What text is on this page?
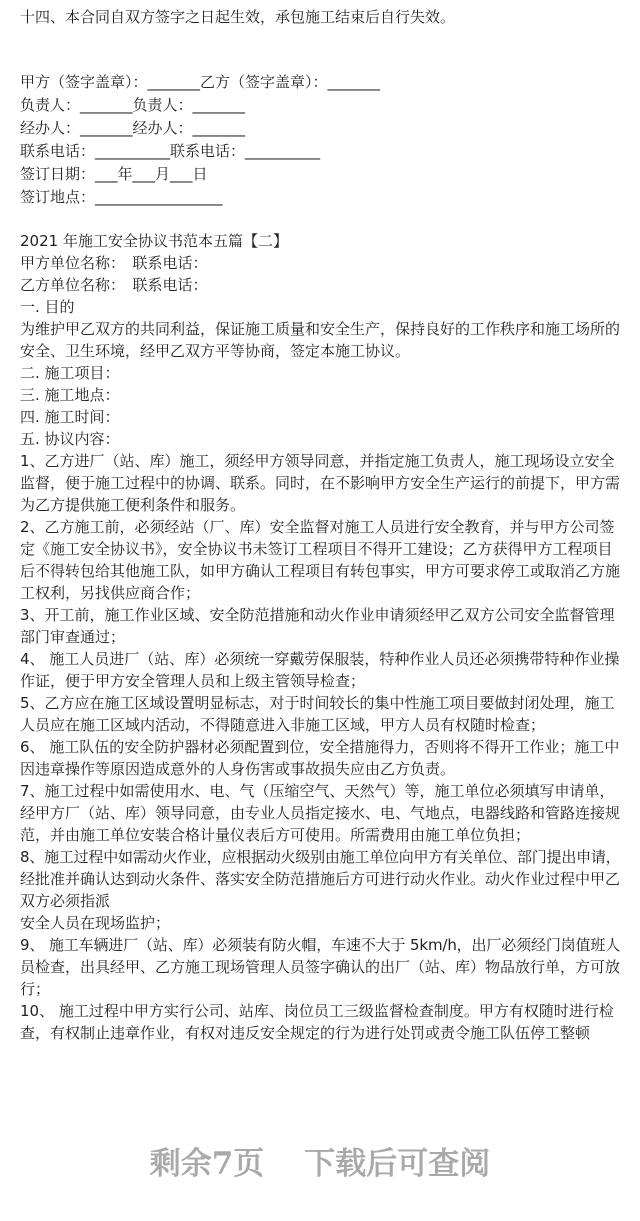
十四、本合同自双方签字之日起生效，承包施工结束后自行失效。
甲方（签字盖章）：_______乙方（签字盖章）：_______
负责人：_______负责人：_______
经办人：_______经办人：_______
联系电话：__________联系电话：__________
签订日期：___年___月___日
签订地点：_________________
2021 年施工安全协议书范本五篇【二】
甲方单位名称：　联系电话：
乙方单位名称：　联系电话：
一. 目的
为维护甲乙双方的共同利益，保证施工质量和安全生产，保持良好的工作秩序和施工场所的
安全、卫生环境，经甲乙双方平等协商，签定本施工协议。
二. 施工项目：
三. 施工地点：
四. 施工时间：
五. 协议内容：
1、乙方进厂（站、库）施工，须经甲方领导同意，并指定施工负责人，施工现场设立安全
监督，便于施工过程中的协调、联系。同时，在不影响甲方安全生产运行的前提下，甲方需
为乙方提供施工便利条件和服务。
2、乙方施工前，必须经站（厂、库）安全监督对施工人员进行安全教育，并与甲方公司签
定《施工安全协议书》，安全协议书未签订工程项目不得开工建设；乙方获得甲方工程项目
后不得转包给其他施工队，如甲方确认工程项目有转包事实，甲方可要求停工或取消乙方施
工权利，另找供应商合作；
3、开工前，施工作业区域、安全防范措施和动火作业申请须经甲乙双方公司安全监督管理
部门审查通过；
4、 施工人员进厂（站、库）必须统一穿戴劳保服装，特种作业人员还必须携带特种作业操
作证，便于甲方安全管理人员和上级主管领导检查；
5、乙方应在施工区域设置明显标志，对于时间较长的集中性施工项目要做封闭处理，施工
人员应在施工区域内活动，不得随意进入非施工区域，甲方人员有权随时检查；
6、 施工队伍的安全防护器材必须配置到位，安全措施得力，否则将不得开工作业；施工中
因违章操作等原因造成意外的人身伤害或事故损失应由乙方负责。
7、施工过程中如需使用水、电、气（压缩空气、天然气）等，施工单位必须填写申请单，
经甲方厂（站、库）领导同意，由专业人员指定接水、电、气地点，电器线路和管路连接规
范，并由施工单位安装合格计量仪表后方可使用。所需费用由施工单位负担；
8、施工过程中如需动火作业，应根据动火级别由施工单位向甲方有关单位、部门提出申请，
经批准并确认达到动火条件、落实安全防范措施后方可进行动火作业。动火作业过程中甲乙
双方必须指派
安全人员在现场监护；
9、 施工车辆进厂（站、库）必须装有防火帽，车速不大于 5km/h，出厂必须经门岗值班人
员检查，出具经甲、乙方施工现场管理人员签字确认的出厂（站、库）物品放行单，方可放
行；
10、 施工过程中甲方实行公司、站库、岗位员工三级监督检查制度。甲方有权随时进行检
查，有权制止违章作业，有权对违反安全规定的行为进行处罚或责令施工队伍停工整顿
剩余7页 下载后可查阅
